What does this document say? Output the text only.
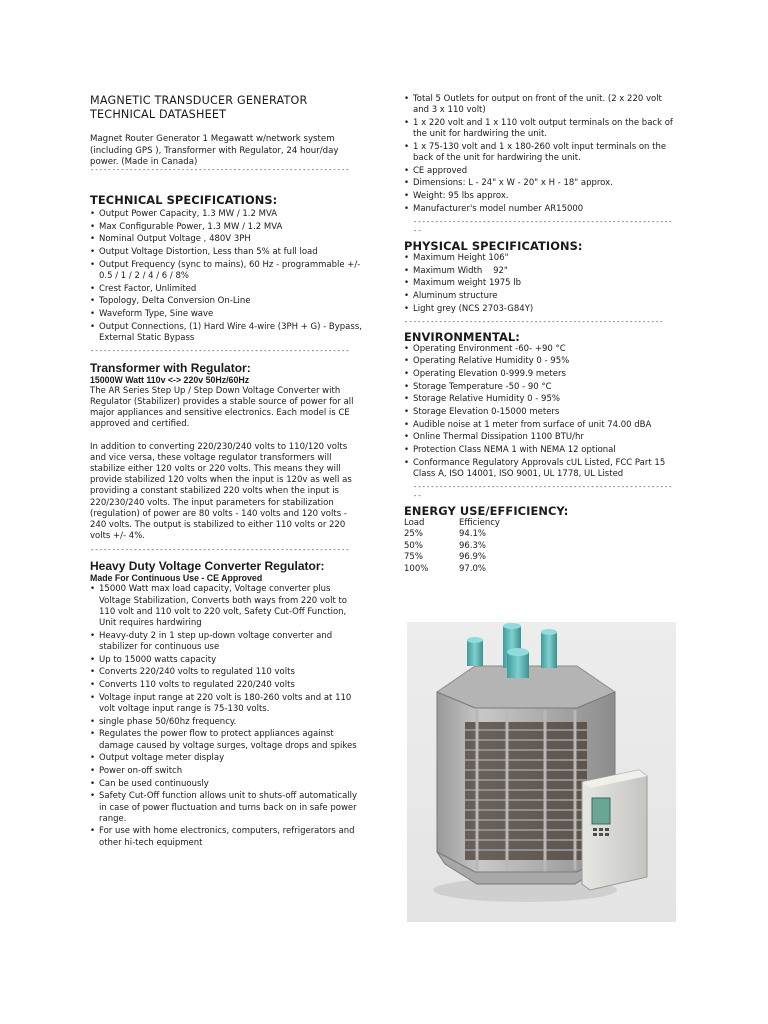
MAGNETIC TRANSDUCER GENERATOR
TECHNICAL DATASHEET
Magnet Router Generator 1 Megawatt w/network system
(including GPS ), Transformer with Regulator, 24 hour/day
power. (Made in Canada)
------------------------------------------------------------
TECHNICAL SPECIFICATIONS:
• Output Power Capacity, 1.3 MW / 1.2 MVA
• Max Configurable Power, 1.3 MW / 1.2 MVA
• Nominal Output Voltage , 480V 3PH
• Output Voltage Distortion, Less than 5% at full load
• Output Frequency (sync to mains), 60 Hz - programmable +/- 0.5 / 1 / 2 / 4 / 6 / 8%
• Crest Factor, Unlimited
• Topology, Delta Conversion On-Line
• Waveform Type, Sine wave
• Output Connections, (1) Hard Wire 4-wire (3PH + G) - Bypass, External Static Bypass
------------------------------------------------------------
Transformer with Regulator:
15000W Watt 110v <-> 220v 50Hz/60Hz
The AR Series Step Up / Step Down Voltage Converter with Regulator (Stabilizer) provides a stable source of power for all major appliances and sensitive electronics. Each model is CE approved and certified.
In addition to converting 220/230/240 volts to 110/120 volts and vice versa, these voltage regulator transformers will stabilize either 120 volts or 220 volts. This means they will provide stabilized 120 volts when the input is 120v as well as providing a constant stabilized 220 volts when the input is 220/230/240 volts. The input parameters for stabilization (regulation) of power are 80 volts - 140 volts and 120 volts - 240 volts. The output is stabilized to either 110 volts or 220 volts +/- 4%.
------------------------------------------------------------
Heavy Duty Voltage Converter Regulator:
Made For Continuous Use - CE Approved
• 15000 Watt max load capacity, Voltage converter plus Voltage Stabilization, Converts both ways from 220 volt to 110 volt and 110 volt to 220 volt, Safety Cut-Off Function, Unit requires hardwiring
• Heavy-duty 2 in 1 step up-down voltage converter and stabilizer for continuous use
• Up to 15000 watts capacity
• Converts 220/240 volts to regulated 110 volts
• Converts 110 volts to regulated 220/240 volts
• Voltage input range at 220 volt is 180-260 volts and at 110 volt voltage input range is 75-130 volts.
• single phase 50/60hz frequency.
• Regulates the power flow to protect appliances against damage caused by voltage surges, voltage drops and spikes
• Output voltage meter display
• Power on-off switch
• Can be used continuously
• Safety Cut-Off function allows unit to shuts-off automatically in case of power fluctuation and turns back on in safe power range.
• For use with home electronics, computers, refrigerators and other hi-tech equipment
• Total 5 Outlets for output on front of the unit. (2 x 220 volt and 3 x 110 volt)
• 1 x 220 volt and 1 x 110 volt output terminals on the back of the unit for hardwiring the unit.
• 1 x 75-130 volt and 1 x 180-260 volt input terminals on the back of the unit for hardwiring the unit.
• CE approved
• Dimensions: L - 24" x W - 20" x H - 18" approx.
• Weight: 95 lbs approx.
• Manufacturer's model number AR15000
------------------------------------------------------------
--
PHYSICAL SPECIFICATIONS:
• Maximum Height 106"
• Maximum Width    92"
• Maximum weight 1975 lb
• Aluminum structure
• Light grey (NCS 2703-G84Y)
------------------------------------------------------------
ENVIRONMENTAL:
• Operating Environment -60- +90 °C
• Operating Relative Humidity 0 - 95%
• Operating Elevation 0-999.9 meters
• Storage Temperature -50 - 90 °C
• Storage Relative Humidity 0 - 95%
• Storage Elevation 0-15000 meters
• Audible noise at 1 meter from surface of unit 74.00 dBA
• Online Thermal Dissipation 1100 BTU/hr
• Protection Class NEMA 1 with NEMA 12 optional
• Conformance Regulatory Approvals cUL Listed, FCC Part 15 Class A, ISO 14001, ISO 9001, UL 1778, UL Listed
------------------------------------------------------------
--
ENERGY USE/EFFICIENCY:
Load	Efficiency
25%	94.1%
50%	96.3%
75%	96.9%
100%	97.0%
